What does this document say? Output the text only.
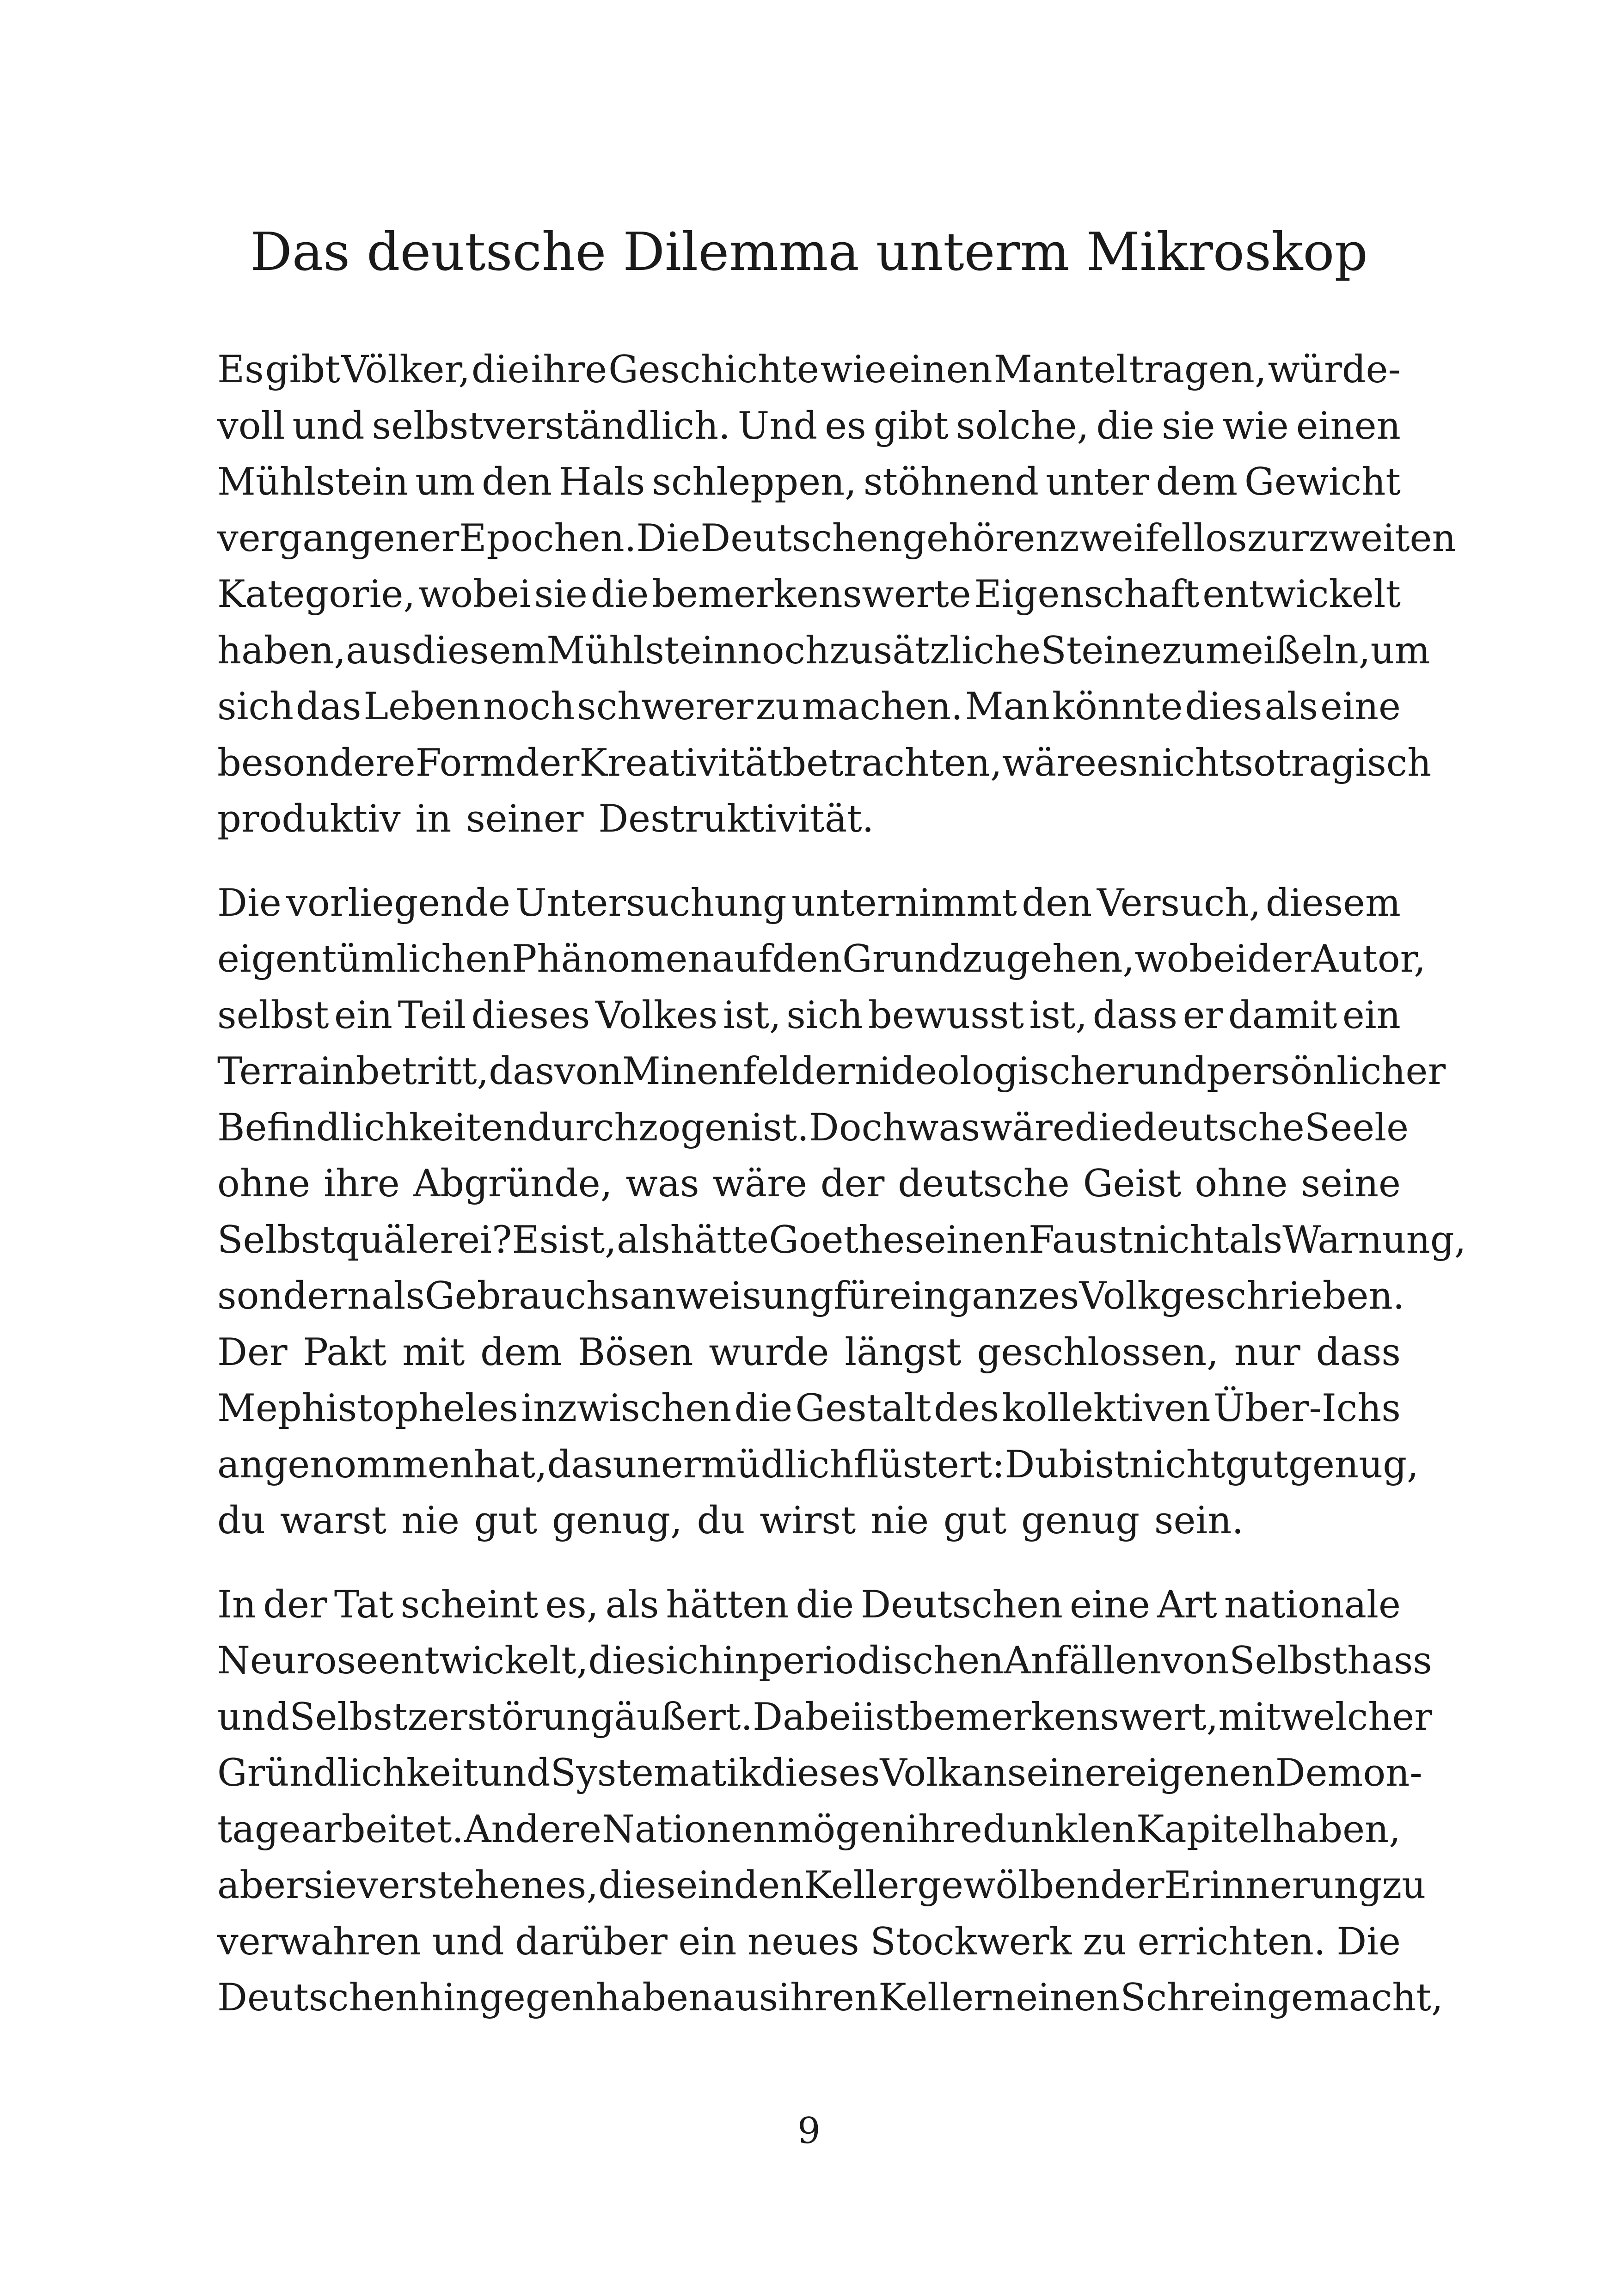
Das deutsche Dilemma unterm Mikroskop
Es gibt Völker, die ihre Geschichte wie einen Mantel tragen, würde-
voll und selbstverständlich. Und es gibt solche, die sie wie einen
Mühlstein um den Hals schleppen, stöhnend unter dem Gewicht
vergangener Epochen. Die Deutschen gehören zweifellos zur zweiten
Kategorie, wobei sie die bemerkenswerte Eigenschaft entwickelt
haben, aus diesem Mühlstein noch zusätzliche Steine zu meißeln, um
sich das Leben noch schwerer zu machen. Man könnte dies als eine
besondere Form der Kreativität betrachten, wäre es nicht so tragisch
produktiv in seiner Destruktivität.
Die vorliegende Untersuchung unternimmt den Versuch, diesem
eigentümlichen Phänomen auf den Grund zu gehen, wobei der Autor,
selbst ein Teil dieses Volkes ist, sich bewusst ist, dass er damit ein
Terrain betritt, das von Minenfeldern ideologischer und persönlicher
Befindlichkeiten durchzogen ist. Doch was wäre die deutsche Seele
ohne ihre Abgründe, was wäre der deutsche Geist ohne seine
Selbstquälerei? Es ist, als hätte Goethe seinen Faust nicht als Warnung,
sondern als Gebrauchsanweisung für ein ganzes Volk geschrieben.
Der Pakt mit dem Bösen wurde längst geschlossen, nur dass
Mephistopheles inzwischen die Gestalt des kollektiven Über-Ichs
angenommen hat, das unermüdlich flüstert: Du bist nicht gut genug,
du warst nie gut genug, du wirst nie gut genug sein.
In der Tat scheint es, als hätten die Deutschen eine Art nationale
Neurose entwickelt, die sich in periodischen Anfällen von Selbsthass
und Selbstzerstörung äußert. Dabei ist bemerkenswert, mit welcher
Gründlichkeit und Systematik dieses Volk an seiner eigenen Demon-
tage arbeitet. Andere Nationen mögen ihre dunklen Kapitel haben,
aber sie verstehen es, diese in den Kellergewölben der Erinnerung zu
verwahren und darüber ein neues Stockwerk zu errichten. Die
Deutschen hingegen haben aus ihren Kellern einen Schrein gemacht,
9
